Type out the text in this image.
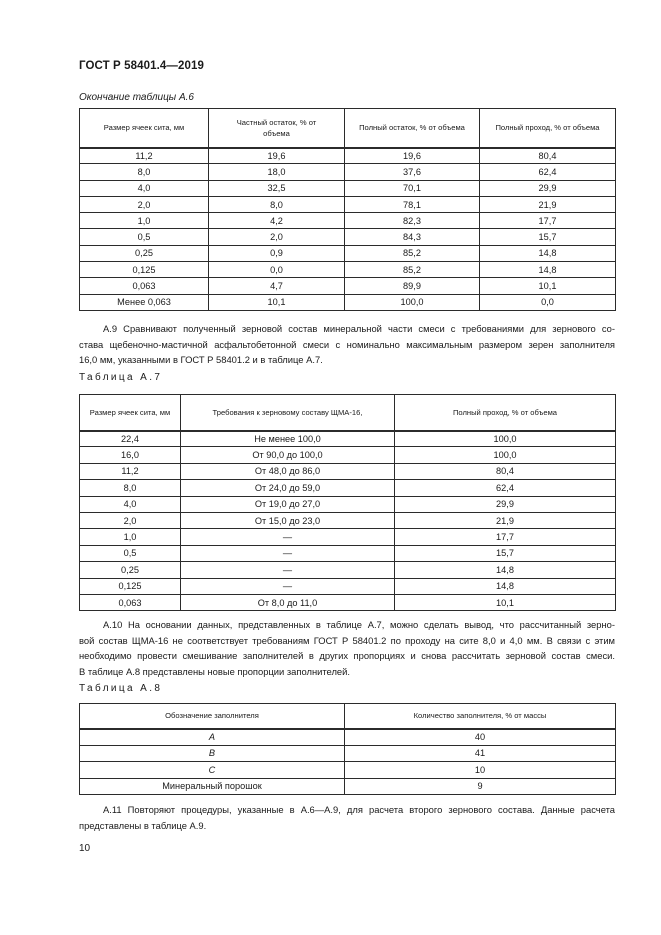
ГОСТ Р 58401.4—2019
Окончание таблицы А.6
Размер ячеек сита, мм	Частный остаток, % от объема	Полный остаток, % от объема	Полный проход, % от объема
11,2	19,6	19,6	80,4
8,0	18,0	37,6	62,4
4,0	32,5	70,1	29,9
2,0	8,0	78,1	21,9
1,0	4,2	82,3	17,7
0,5	2,0	84,3	15,7
0,25	0,9	85,2	14,8
0,125	0,0	85,2	14,8
0,063	4,7	89,9	10,1
Менее 0,063	10,1	100,0	0,0
А.9 Сравнивают полученный зерновой состав минеральной части смеси с требованиями для зернового со-
става щебеночно-мастичной асфальтобетонной смеси с номинально максимальным размером зерен заполнителя
16,0 мм, указанными в ГОСТ Р 58401.2 и в таблице А.7.
Таблица А.7
Размер ячеек сита, мм	Требования к зерновому составу ЩМА-16,	Полный проход, % от объема
22,4	Не менее 100,0	100,0
16,0	От 90,0 до 100,0	100,0
11,2	От 48,0 до 86,0	80,4
8,0	От 24,0 до 59,0	62,4
4,0	От 19,0 до 27,0	29,9
2,0	От 15,0 до 23,0	21,9
1,0	—	17,7
0,5	—	15,7
0,25	—	14,8
0,125	—	14,8
0,063	От 8,0 до 11,0	10,1
А.10 На основании данных, представленных в таблице А.7, можно сделать вывод, что рассчитанный зерно-
вой состав ЩМА-16 не соответствует требованиям ГОСТ Р 58401.2 по проходу на сите 8,0 и 4,0 мм. В связи с этим
необходимо провести смешивание заполнителей в других пропорциях и снова рассчитать зерновой состав смеси.
В таблице А.8 представлены новые пропорции заполнителей.
Таблица А.8
Обозначение заполнителя	Количество заполнителя, % от массы
A	40
B	41
C	10
Минеральный порошок	9
А.11 Повторяют процедуры, указанные в А.6—А.9, для расчета второго зернового состава. Данные расчета
представлены в таблице А.9.
10
